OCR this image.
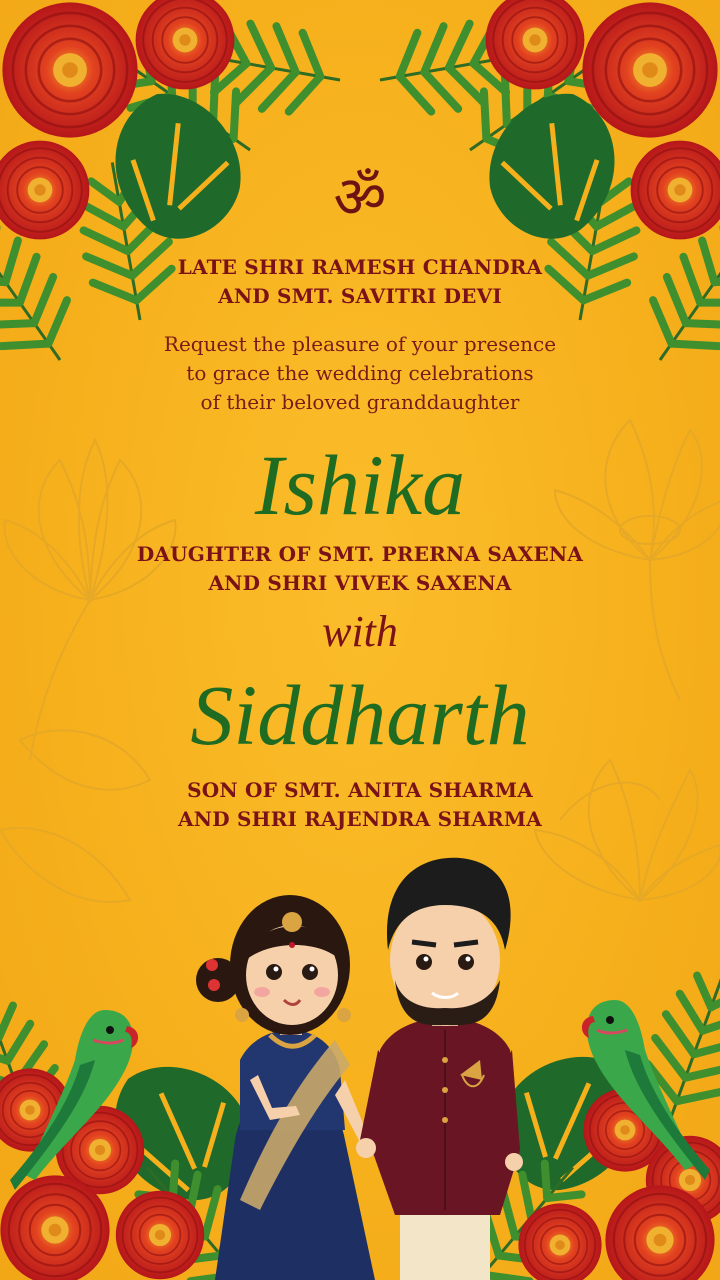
ॐ
LATE SHRI RAMESH CHANDRA
AND SMT. SAVITRI DEVI
Request the pleasure of your presence
to grace the wedding celebrations
of their beloved granddaughter
Ishika
DAUGHTER OF SMT. PRERNA SAXENA
AND SHRI VIVEK SAXENA
with
Siddharth
SON OF SMT. ANITA SHARMA
AND SHRI RAJENDRA SHARMA
